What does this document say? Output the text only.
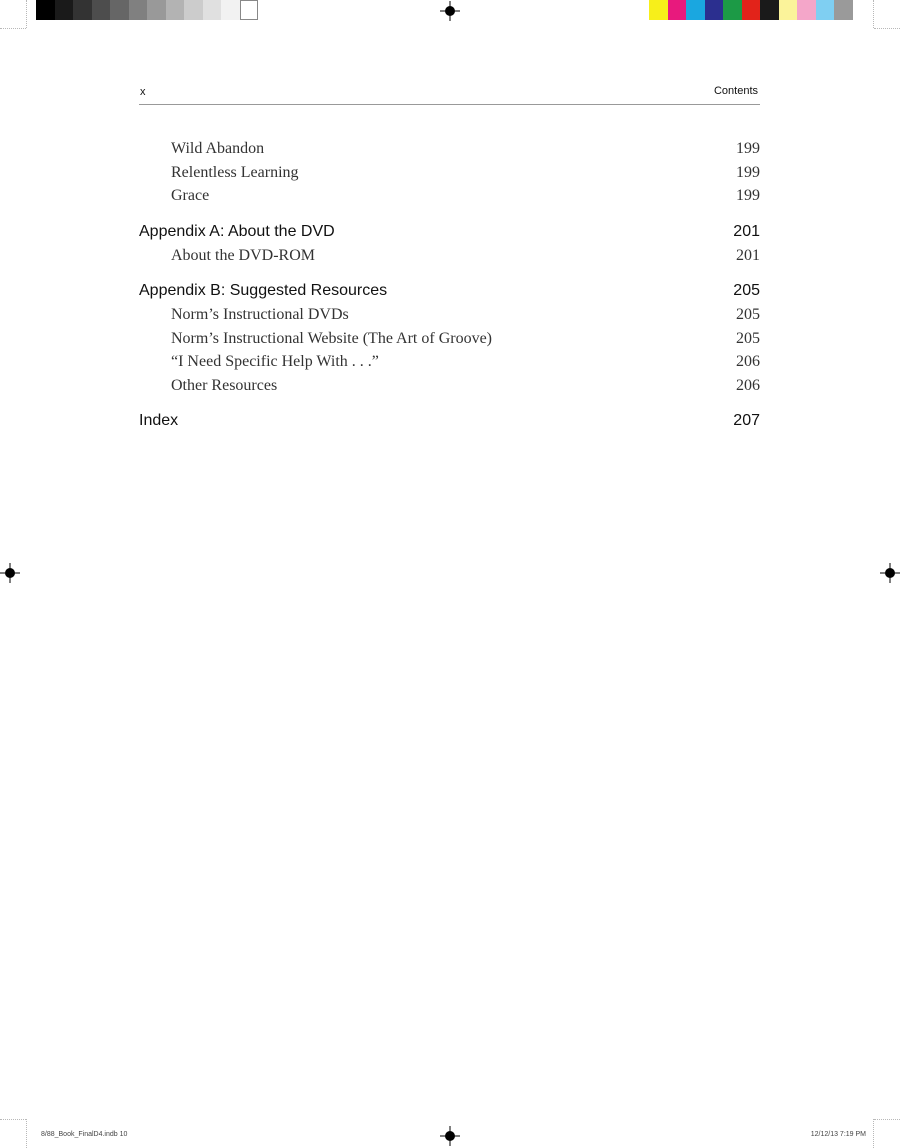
8/88_Book_FinalD4.indb 10	12/12/13 7:19 PM
x	Contents
Wild Abandon	199
Relentless Learning	199
Grace	199
Appendix A: About the DVD	201
About the DVD-ROM	201
Appendix B: Suggested Resources	205
Norm’s Instructional DVDs	205
Norm’s Instructional Website (The Art of Groove)	205
“I Need Specific Help With . . .”	206
Other Resources	206
Index	207
